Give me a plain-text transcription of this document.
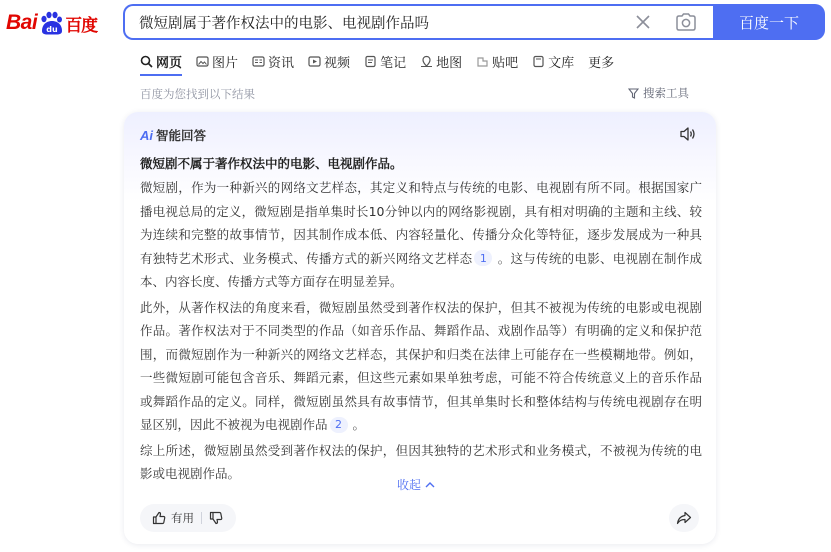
Bai du 百度
微短剧属于著作权法中的电影、电视剧作品吗	百度一下
网页 图片 资讯 视频 笔记 地图 贴吧 文库 更多
百度为您找到以下结果	搜索工具
Ai 智能回答
微短剧不属于著作权法中的电影、电视剧作品。

微短剧，作为一种新兴的网络文艺样态，其定义和特点与传统的电影、电视剧有所不同。根据国家广播电视总局的定义，微短剧是指单集时长10分钟以内的网络影视剧，具有相对明确的主题和主线、较为连续和完整的故事情节，因其制作成本低、内容轻量化、传播分众化等特征，逐步发展成为一种具有独特艺术形式、业务模式、传播方式的新兴网络文艺样态 1 。这与传统的电影、电视剧在制作成本、内容长度、传播方式等方面存在明显差异。

此外，从著作权法的角度来看，微短剧虽然受到著作权法的保护，但其不被视为传统的电影或电视剧作品。著作权法对于不同类型的作品（如音乐作品、舞蹈作品、戏剧作品等）有明确的定义和保护范围，而微短剧作为一种新兴的网络文艺样态，其保护和归类在法律上可能存在一些模糊地带。例如，一些微短剧可能包含音乐、舞蹈元素，但这些元素如果单独考虑，可能不符合传统意义上的音乐作品或舞蹈作品的定义。同样，微短剧虽然具有故事情节，但其单集时长和整体结构与传统电视剧存在明显区别，因此不被视为电视剧作品 2 。

综上所述，微短剧虽然受到著作权法的保护，但因其独特的艺术形式和业务模式，不被视为传统的电影或电视剧作品。

收起
有用
